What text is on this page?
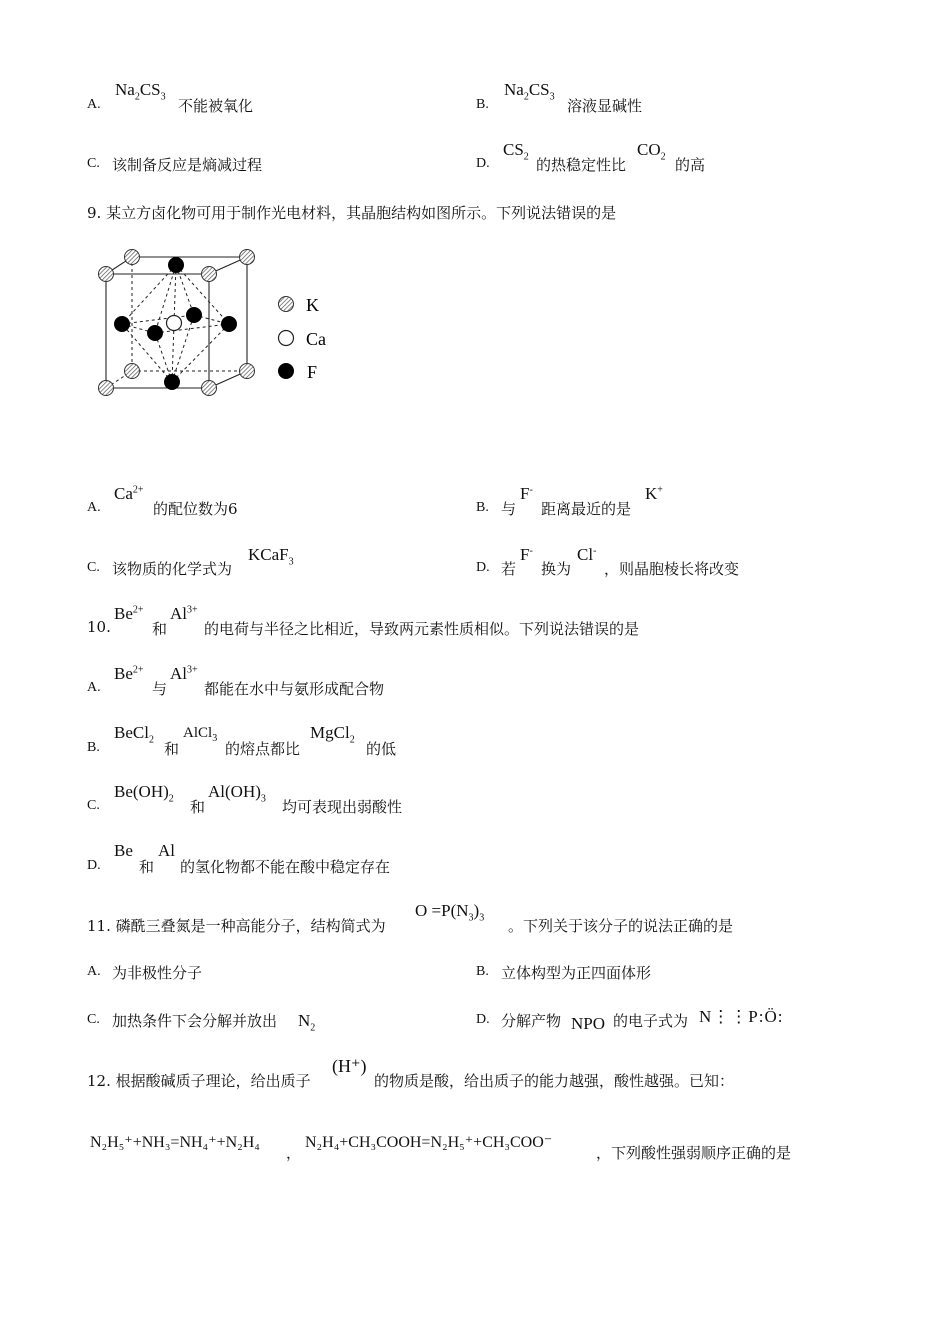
A.
$Na_2CS_3$
不能被氧化	B.
$Na_2CS_3$
溶液显碱性
C. 该制备反应是熵减过程	D.
$CS_2$ 的热稳定性比
$CO_2$ 的高
9. 某立方卤化物可用于制作光电材料，其晶胞结构如图所示。下列说法错误的是
K
Ca
F
A.
$Ca^{2+}$
的配位数为6	B. 与
F-
距离最近的是
K+
C. 该物质的化学式为
KCaF$_3$	D. 若
F-
换为
Cl-
，则晶胞棱长将改变
10.
$Be^{2+}$
和
$Al^{3+}$
的电荷与半径之比相近，导致两元素性质相似。下列说法错误的是
A.
$Be^{2+}$
与
$Al^{3+}$
都能在水中与氨形成配合物
B.
BeCl$_2$
和
AlCl$_3$
的熔点都比
MgCl$_2$
的低
C.
$Be(OH)_2$ 和
$Al(OH)_3$ 均可表现出弱酸性
D.
Be
和
Al
的氢化物都不能在酸中稳定存在
11. 磷酰三叠氮是一种高能分子，结构简式为
$O =P(N_3)_3$ 。下列关于该分子的说法正确的是
A. 为非极性分子	B. 立体构型为正四面体形
C. 加热条件下会分解并放出 $N_2$
D. 分解产物 NPO 的电子式为 N⋮⋮P:Ö:
12. 根据酸碱质子理论，给出质子
(H⁺)
的物质是酸，给出质子的能力越强，酸性越强。已知：
N₂H₅⁺+NH₃=NH₄⁺+N₂H₄
，
N₂H₄+CH₃COOH=N₂H₅⁺+CH₃COO⁻
，下列酸性强弱顺序正确的是
